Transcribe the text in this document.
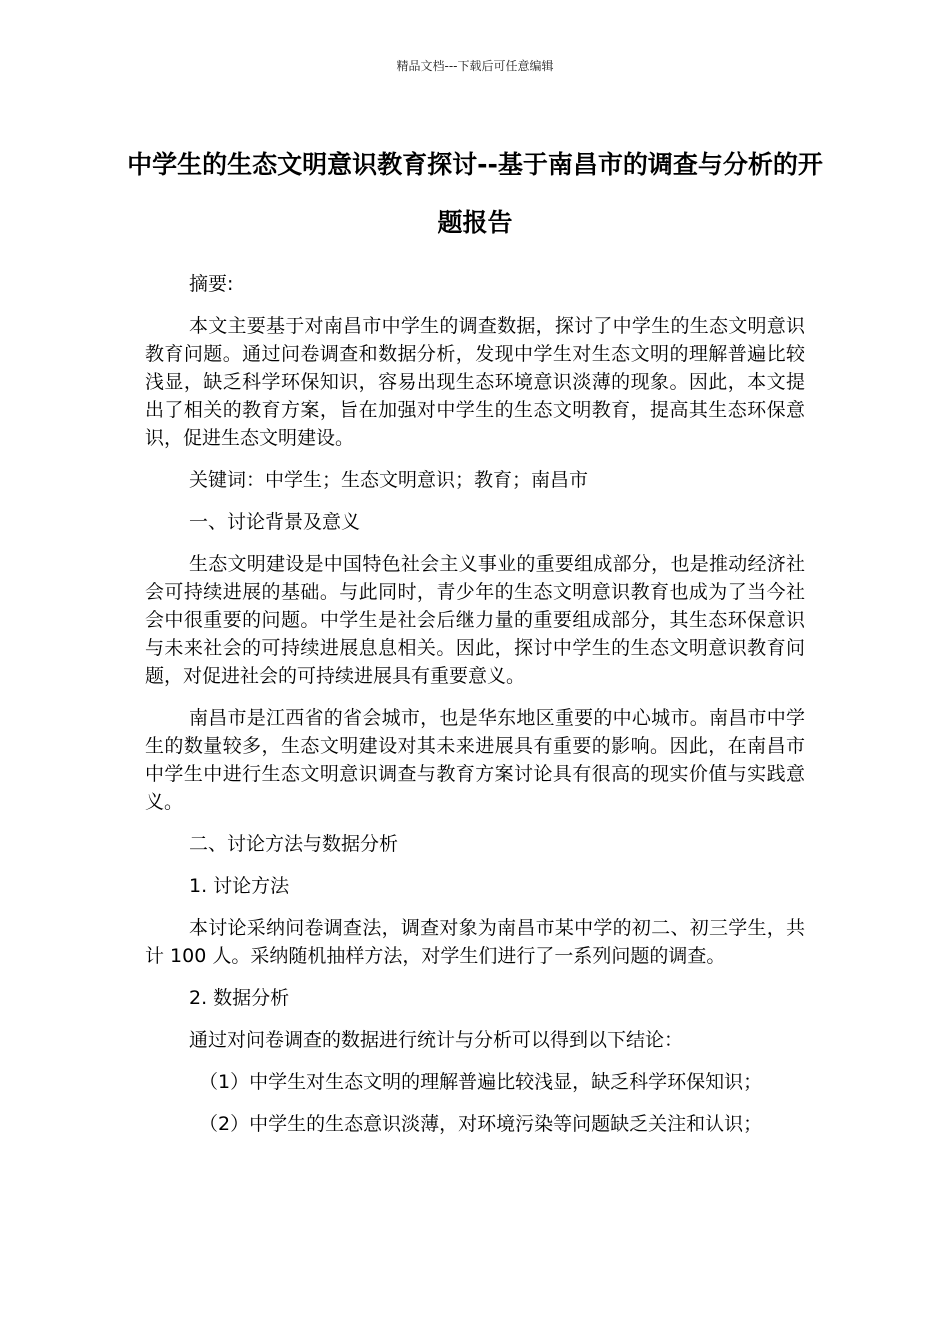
精品文档---下载后可任意编辑
中学生的生态文明意识教育探讨--基于南昌市的调查与分析的开题报告

摘要:

本文主要基于对南昌市中学生的调查数据，探讨了中学生的生态文明意识教育问题。通过问卷调查和数据分析，发现中学生对生态文明的理解普遍比较浅显，缺乏科学环保知识，容易出现生态环境意识淡薄的现象。因此，本文提出了相关的教育方案，旨在加强对中学生的生态文明教育，提高其生态环保意识，促进生态文明建设。

关键词：中学生；生态文明意识；教育；南昌市

一、讨论背景及意义

生态文明建设是中国特色社会主义事业的重要组成部分，也是推动经济社会可持续进展的基础。与此同时，青少年的生态文明意识教育也成为了当今社会中很重要的问题。中学生是社会后继力量的重要组成部分，其生态环保意识与未来社会的可持续进展息息相关。因此，探讨中学生的生态文明意识教育问题，对促进社会的可持续进展具有重要意义。

南昌市是江西省的省会城市，也是华东地区重要的中心城市。南昌市中学生的数量较多，生态文明建设对其未来进展具有重要的影响。因此，在南昌市中学生中进行生态文明意识调查与教育方案讨论具有很高的现实价值与实践意义。

二、讨论方法与数据分析

1. 讨论方法

本讨论采纳问卷调查法，调查对象为南昌市某中学的初二、初三学生，共计 100 人。采纳随机抽样方法，对学生们进行了一系列问题的调查。

2. 数据分析

通过对问卷调查的数据进行统计与分析可以得到以下结论：

（1）中学生对生态文明的理解普遍比较浅显，缺乏科学环保知识；

（2）中学生的生态意识淡薄，对环境污染等问题缺乏关注和认识；
